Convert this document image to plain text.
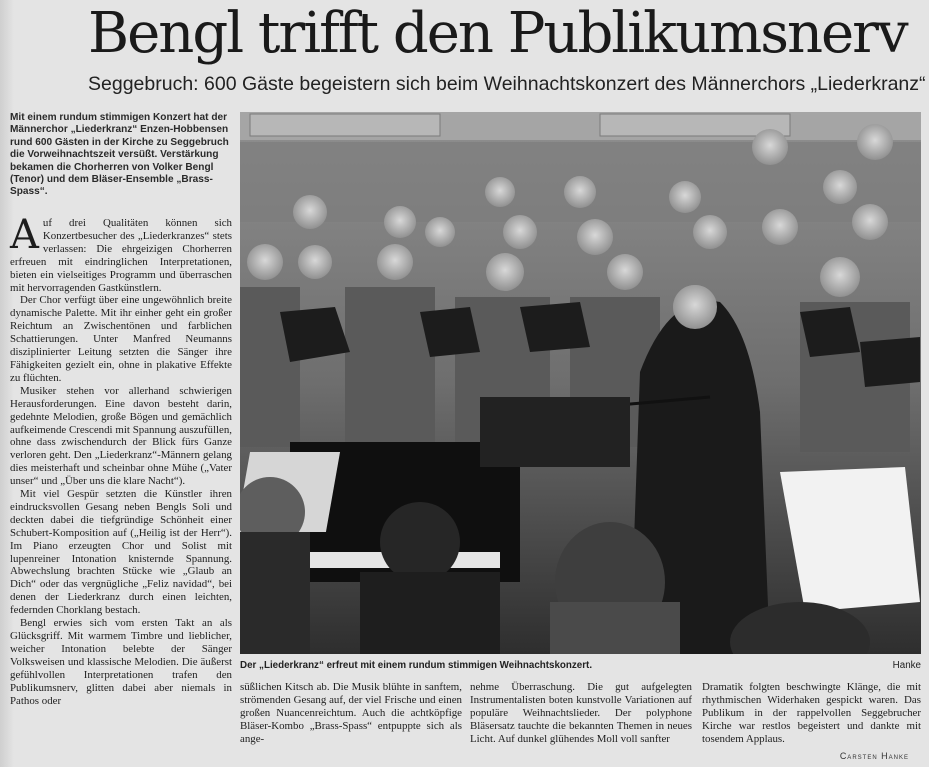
Bengl trifft den Publikumsnerv
Seggebruch: 600 Gäste begeistern sich beim Weihnachtskonzert des Männerchors „Liederkranz“
Mit einem rundum stimmigen Konzert hat der Männerchor „Liederkranz“ Enzen-Hobbensen rund 600 Gästen in der Kirche zu Seggebruch die Vorweihnachtszeit versüßt. Verstärkung bekamen die Chorherren von Volker Bengl (Tenor) und dem Bläser-Ensemble „Brass-Spass“.

Auf drei Qualitäten können sich Konzertbesucher des „Liederkranzes“ stets verlassen: Die ehrgeizigen Chorherren erfreuen mit eindringlichen Interpretationen, bieten ein vielseitiges Programm und überraschen mit hervorragenden Gastkünstlern.

Der Chor verfügt über eine ungewöhnlich breite dynamische Palette. Mit ihr einher geht ein großer Reichtum an Zwischentönen und farblichen Schattierungen. Unter Manfred Neumanns disziplinierter Leitung setzten die Sänger ihre Fähigkeiten gezielt ein, ohne in plakative Effekte zu flüchten.

Musiker stehen vor allerhand schwierigen Herausforderungen. Eine davon besteht darin, gedehnte Melodien, große Bögen und gemächlich aufkeimende Crescendi mit Spannung auszufüllen, ohne dass zwischendurch der Blick fürs Ganze verloren geht. Den „Liederkranz“-Männern gelang dies meisterhaft und scheinbar ohne Mühe („Vater unser“ und „Über uns die klare Nacht“).

Mit viel Gespür setzten die Künstler ihren eindrucksvollen Gesang neben Bengls Soli und deckten dabei die tiefgründige Schönheit einer Schubert-Komposition auf („Heilig ist der Herr“). Im Piano erzeugten Chor und Solist mit lupenreiner Intonation knisternde Spannung. Abwechslung brachten Stücke wie „Glaub an Dich“ oder das vergnügliche „Feliz navidad“, bei denen der Liederkranz durch einen leichten, federnden Chorklang bestach.

Bengl erwies sich vom ersten Takt an als Glücksgriff. Mit warmem Timbre und lieblicher, weicher Intonation belebte der Sänger Volksweisen und klassische Melodien. Die äußerst gefühlvollen Interpretationen trafen den Publikumsnerv, glitten dabei aber niemals in Pathos oder

Der „Liederkranz“ erfreut mit einem rundum stimmigen Weihnachtskonzert.	Hanke
süßlichen Kitsch ab. Die Musik blühte in sanftem, strömenden Gesang auf, der viel Frische und einen großen Nuancenreichtum. Auch die achtköpfige Bläser-Kombo „Brass-Spass“ entpuppte sich als ange-
nehme Überraschung. Die gut aufgelegten Instrumentalisten boten kunstvolle Variationen auf populäre Weihnachtslieder. Der polyphone Bläsersatz tauchte die bekannten Themen in neues Licht. Auf dunkel glühendes Moll voll sanfter
Dramatik folgten beschwingte Klänge, die mit rhythmischen Widerhaken gespickt waren. Das Publikum in der rappelvollen Seggebrucher Kirche war restlos begeistert und dankte mit tosendem Applaus.
Carsten Hanke
